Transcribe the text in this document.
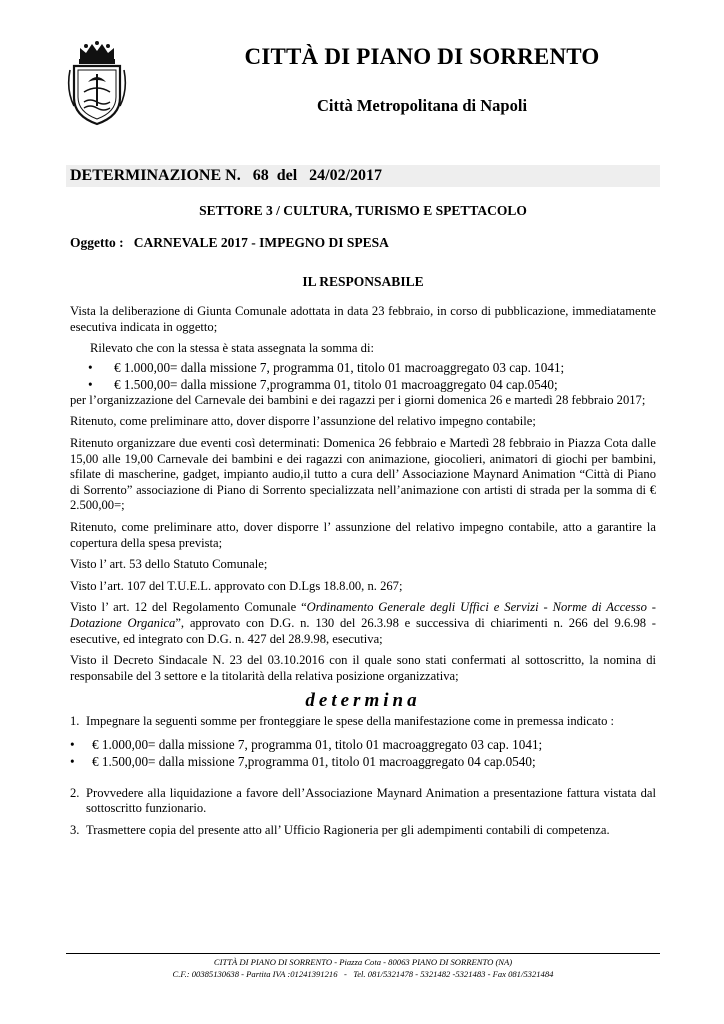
CITTÀ DI PIANO DI SORRENTO
Città Metropolitana di Napoli
DETERMINAZIONE N. 68 del 24/02/2017
SETTORE 3 / CULTURA, TURISMO E SPETTACOLO
Oggetto : CARNEVALE 2017 - IMPEGNO DI SPESA
IL RESPONSABILE

Vista la deliberazione di Giunta Comunale adottata in data 23 febbraio, in corso di pubblicazione, immediatamente esecutiva indicata in oggetto;

Rilevato che con la stessa è stata assegnata la somma di:

• € 1.000,00= dalla missione 7, programma 01, titolo 01 macroaggregato 03 cap. 1041;
• € 1.500,00= dalla missione 7,programma 01, titolo 01 macroaggregato 04 cap.0540;

per l’organizzazione del Carnevale dei bambini e dei ragazzi per i giorni domenica 26 e martedì 28 febbraio 2017;

Ritenuto, come preliminare atto, dover disporre l’assunzione del relativo impegno contabile;

Ritenuto organizzare due eventi così determinati: Domenica 26 febbraio e Martedì 28 febbraio in Piazza Cota dalle 15,00 alle 19,00 Carnevale dei bambini e dei ragazzi con animazione, giocolieri, animatori di giochi per bambini, sfilate di mascherine, gadget, impianto audio,il tutto a cura dell’ Associazione Maynard Animation “Città di Piano di Sorrento” associazione di Piano di Sorrento specializzata nell’animazione con artisti di strada per la somma di € 2.500,00=;

Ritenuto, come preliminare atto, dover disporre l’ assunzione del relativo impegno contabile, atto a garantire la copertura della spesa prevista;

Visto l’ art. 53 dello Statuto Comunale;

Visto l’art. 107 del T.U.E.L. approvato con D.Lgs 18.8.00, n. 267;

Visto l’ art. 12 del Regolamento Comunale “Ordinamento Generale degli Uffici e Servizi - Norme di Accesso - Dotazione Organica”, approvato con D.G. n. 130 del 26.3.98 e successiva di chiarimenti n. 266 del 9.6.98 - esecutive, ed integrato con D.G. n. 427 del 28.9.98, esecutiva;

Visto il Decreto Sindacale N. 23 del 03.10.2016 con il quale sono stati confermati al sottoscritto, la nomina di responsabile del 3 settore e la titolarità della relativa posizione organizzativa;

determina

1. Impegnare la seguenti somme per fronteggiare le spese della manifestazione come in premessa indicato :

• € 1.000,00= dalla missione 7, programma 01, titolo 01 macroaggregato 03 cap. 1041;
• € 1.500,00= dalla missione 7,programma 01, titolo 01 macroaggregato 04 cap.0540;

2. Provvedere alla liquidazione a favore dell’Associazione Maynard Animation a presentazione fattura vistata dal sottoscritto funzionario.

3. Trasmettere copia del presente atto all’ Ufficio Ragioneria per gli adempimenti contabili di competenza.

CITTÀ DI PIANO DI SORRENTO - Piazza Cota - 80063 PIANO DI SORRENTO (NA)
C.F.: 00385130638 - Partita IVA :01241391216   -   Tel. 081/5321478 - 5321482 -5321483 - Fax 081/5321484
